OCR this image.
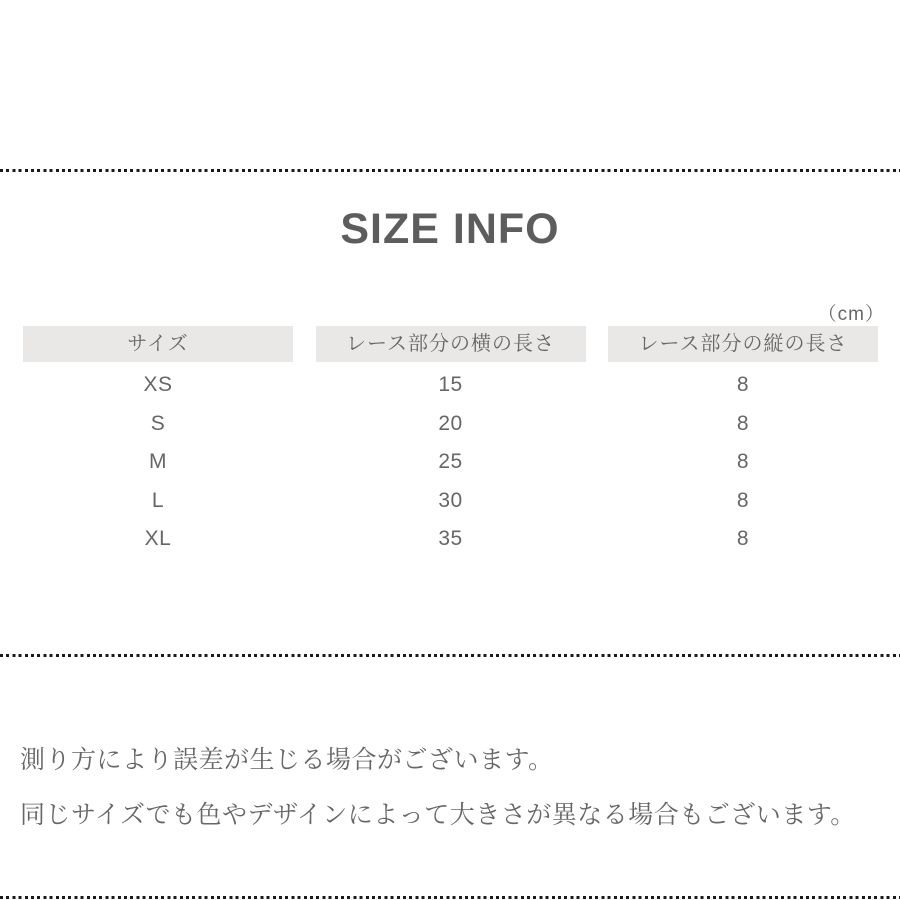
SIZE INFO
（cm）
サイズ	レース部分の横の長さ	レース部分の縦の長さ
XS	15	8
S	20	8
M	25	8
L	30	8
XL	35	8

測り方により誤差が生じる場合がございます。

同じサイズでも色やデザインによって大きさが異なる場合もございます。
